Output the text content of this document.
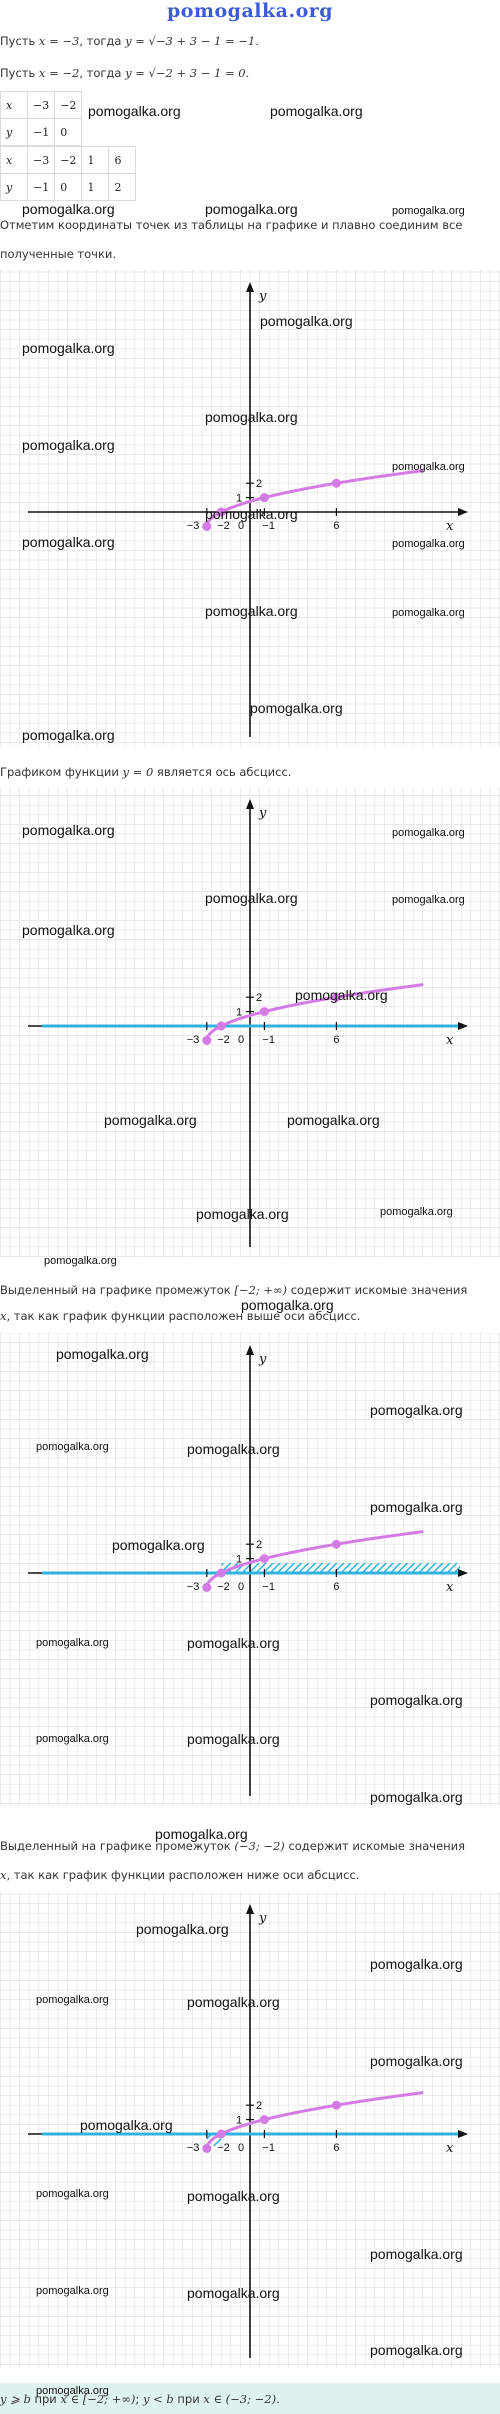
pomogalka.org
Пусть x = −3, тогда y = √−3 + 3 − 1 = −1.
Пусть x = −2, тогда y = √−2 + 3 − 1 = 0.
x	−3	−2
y	−1	0
x	−3	−2	1	6
y	−1	0	1	2
Отметим координаты точек из таблицы на графике и плавно соединим все
полученные точки.
−3 −2	−1	6
0
1
2
x
y
Графиком функции y = 0 является ось абсцисс.
−3 −2	−1	6
0
1
2
x
y
Выделенный на графике промежуток [−2; +∞) содержит искомые значения
x, так как график функции расположен выше оси абсцисс.
−3 −2	−1	6
0
1
2
x
y
Выделенный на графике промежуток (−3; −2) содержит искомые значения
x, так как график функции расположен ниже оси абсцисс.
−3 −2	−1	6
0
1
2
x
y
y ⩾ b при x ∈ [−2; +∞); y < b при x ∈ (−3; −2).
pomogalka.org	pomogalka.org
pomogalka.org	pomogalka.org	pomogalka.org
pomogalka.org
pomogalka.org
pomogalka.org
pomogalka.org
pomogalka.org
pomogalka.org
pomogalka.org	pomogalka.org
pomogalka.org	pomogalka.org
pomogalka.org
pomogalka.org
pomogalka.org	pomogalka.org
pomogalka.org	pomogalka.org
pomogalka.org
pomogalka.org
pomogalka.org	pomogalka.org
pomogalka.org	pomogalka.org
pomogalka.org
pomogalka.org
pomogalka.org
pomogalka.org
pomogalka.org	pomogalka.org
pomogalka.org
pomogalka.org
pomogalka.org	pomogalka.org
pomogalka.org
pomogalka.org	pomogalka.org
pomogalka.org
pomogalka.org
pomogalka.org
pomogalka.org
pomogalka.org	pomogalka.org
pomogalka.org
pomogalka.org
pomogalka.org	pomogalka.org
pomogalka.org
pomogalka.org	pomogalka.org
pomogalka.org
pomogalka.org
